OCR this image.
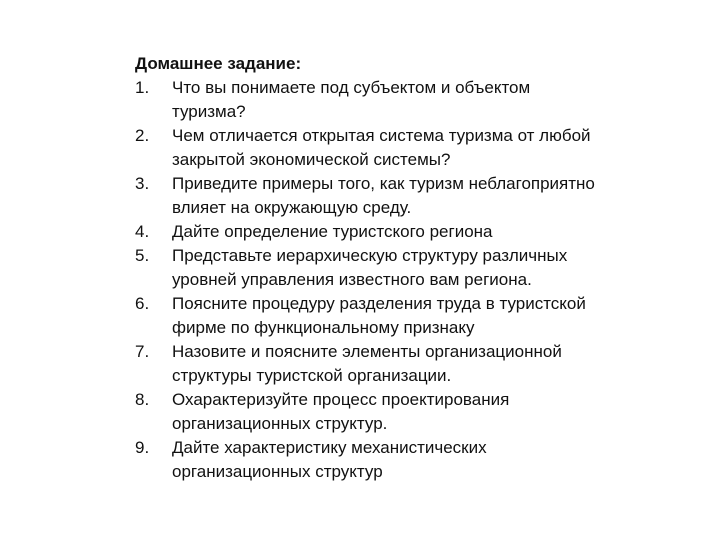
Домашнее задание:
1.	Что вы понимаете под субъектом и объектом туризма?
2.	Чем отличается открытая система туризма от любой закрытой экономической системы?
3.	Приведите примеры того, как туризм неблагоприятно влияет на окружающую среду.
4.	Дайте определение туристского региона
5.	Представьте иерархическую структуру различных уровней управления известного вам региона.
6.	Поясните процедуру разделения труда в туристской фирме по функциональному признаку
7.	Назовите и поясните элементы организационной структуры туристской организации.
8.	Охарактеризуйте процесс проектирования организационных структур.
9.	Дайте характеристику механистических организационных структур
